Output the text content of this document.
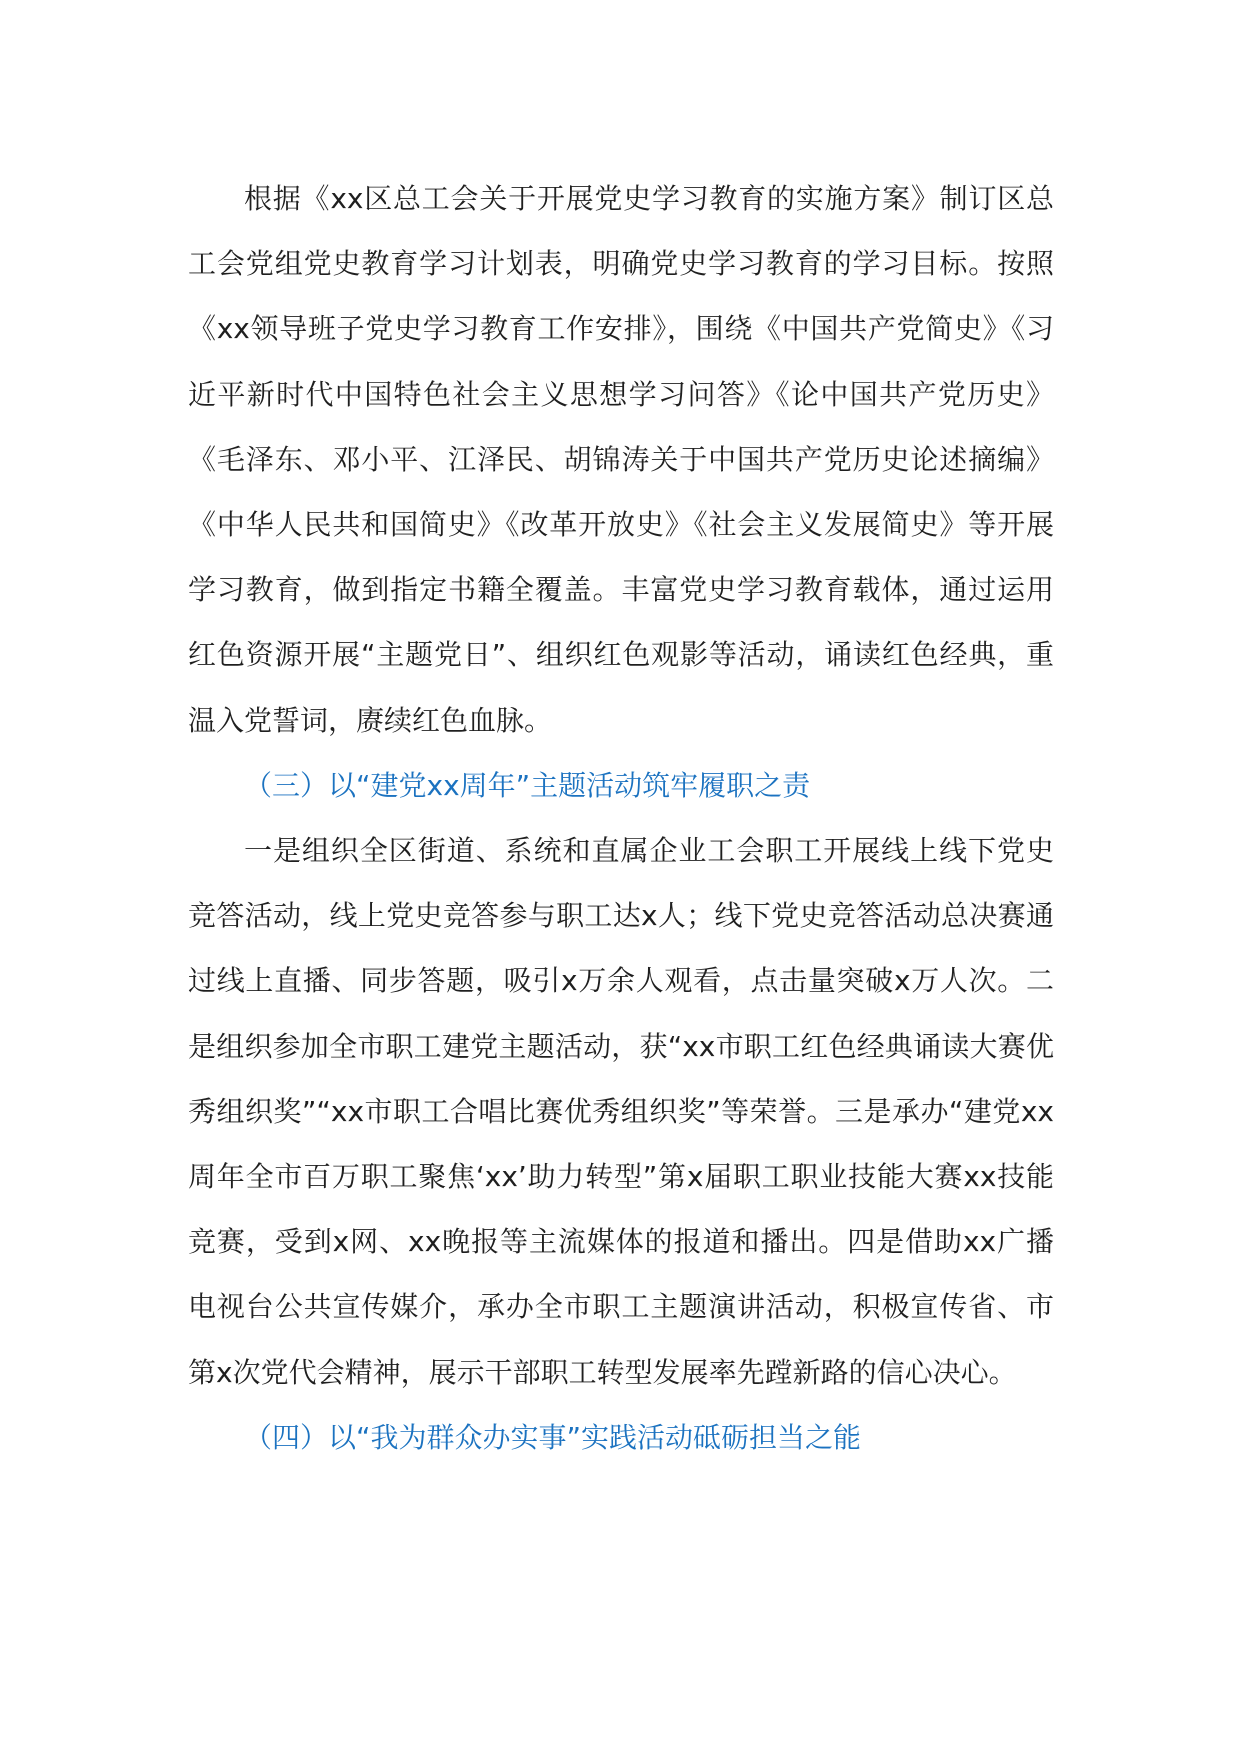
根据《xx区总工会关于开展党史学习教育的实施方案》制订区总工会党组党史教育学习计划表，明确党史学习教育的学习目标。按照《xx领导班子党史学习教育工作安排》，围绕《中国共产党简史》《习近平新时代中国特色社会主义思想学习问答》《论中国共产党历史》《毛泽东、邓小平、江泽民、胡锦涛关于中国共产党历史论述摘编》《中华人民共和国简史》《改革开放史》《社会主义发展简史》等开展学习教育，做到指定书籍全覆盖。丰富党史学习教育载体，通过运用红色资源开展“主题党日”、组织红色观影等活动，诵读红色经典，重温入党誓词，赓续红色血脉。

（三）以“建党xx周年”主题活动筑牢履职之责

一是组织全区街道、系统和直属企业工会职工开展线上线下党史竞答活动，线上党史竞答参与职工达x人；线下党史竞答活动总决赛通过线上直播、同步答题，吸引x万余人观看，点击量突破x万人次。二是组织参加全市职工建党主题活动，获“xx市职工红色经典诵读大赛优秀组织奖”“xx市职工合唱比赛优秀组织奖”等荣誉。三是承办“建党xx周年全市百万职工聚焦‘xx’助力转型”第x届职工职业技能大赛xx技能竞赛，受到x网、xx晚报等主流媒体的报道和播出。四是借助xx广播电视台公共宣传媒介，承办全市职工主题演讲活动，积极宣传省、市第x次党代会精神，展示干部职工转型发展率先蹚新路的信心决心。

（四）以“我为群众办实事”实践活动砥砺担当之能
